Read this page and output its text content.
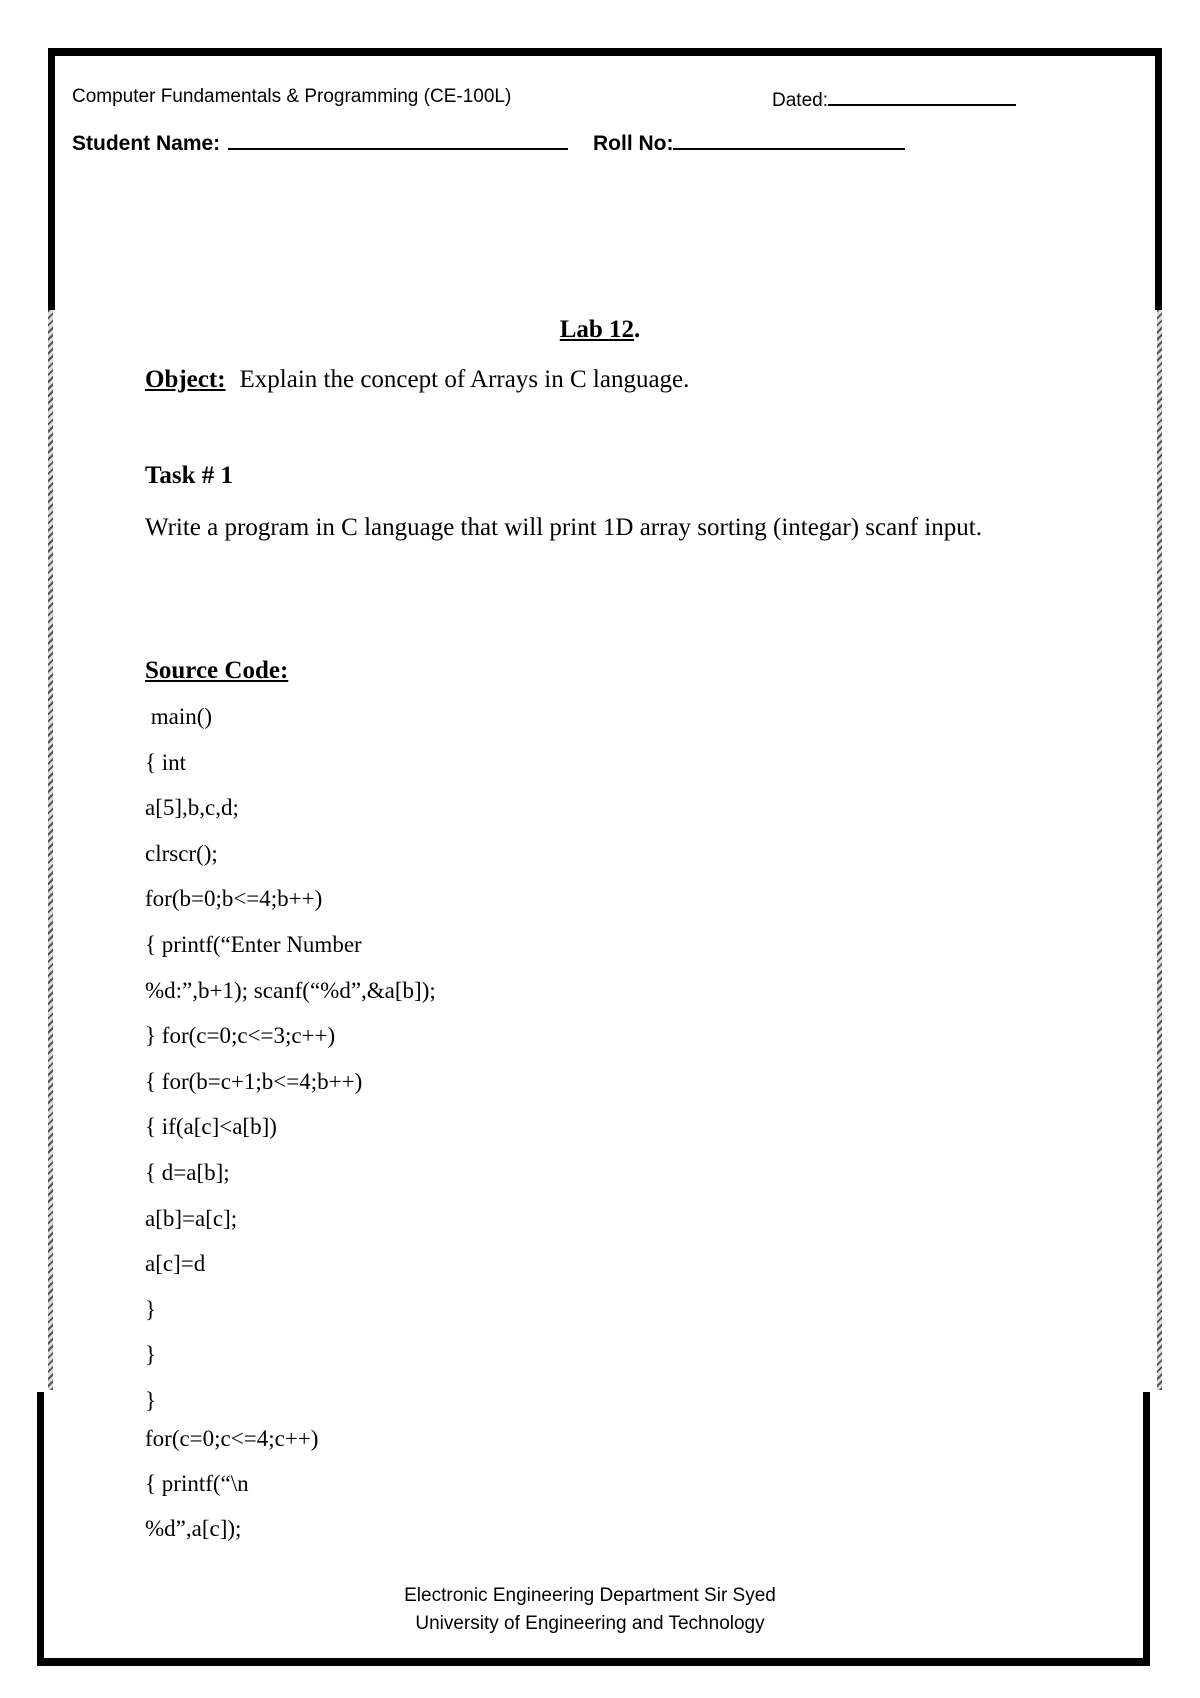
Computer Fundamentals & Programming (CE-100L)	Dated:
Student Name:	Roll No:
Lab 12.
Object: Explain the concept of Arrays in C language.
Task # 1
Write a program in C language that will print 1D array sorting (integar) scanf input.
Source Code:
main()
{ int
a[5],b,c,d;
clrscr();
for(b=0;b<=4;b++)
{ printf(“Enter Number
%d:”,b+1); scanf(“%d”,&a[b]);
} for(c=0;c<=3;c++)
{ for(b=c+1;b<=4;b++)
{ if(a[c]<a[b])
{ d=a[b];
a[b]=a[c];
a[c]=d
}
}
}
for(c=0;c<=4;c++)
{ printf(“\n
%d”,a[c]);
Electronic Engineering Department Sir Syed
University of Engineering and Technology
